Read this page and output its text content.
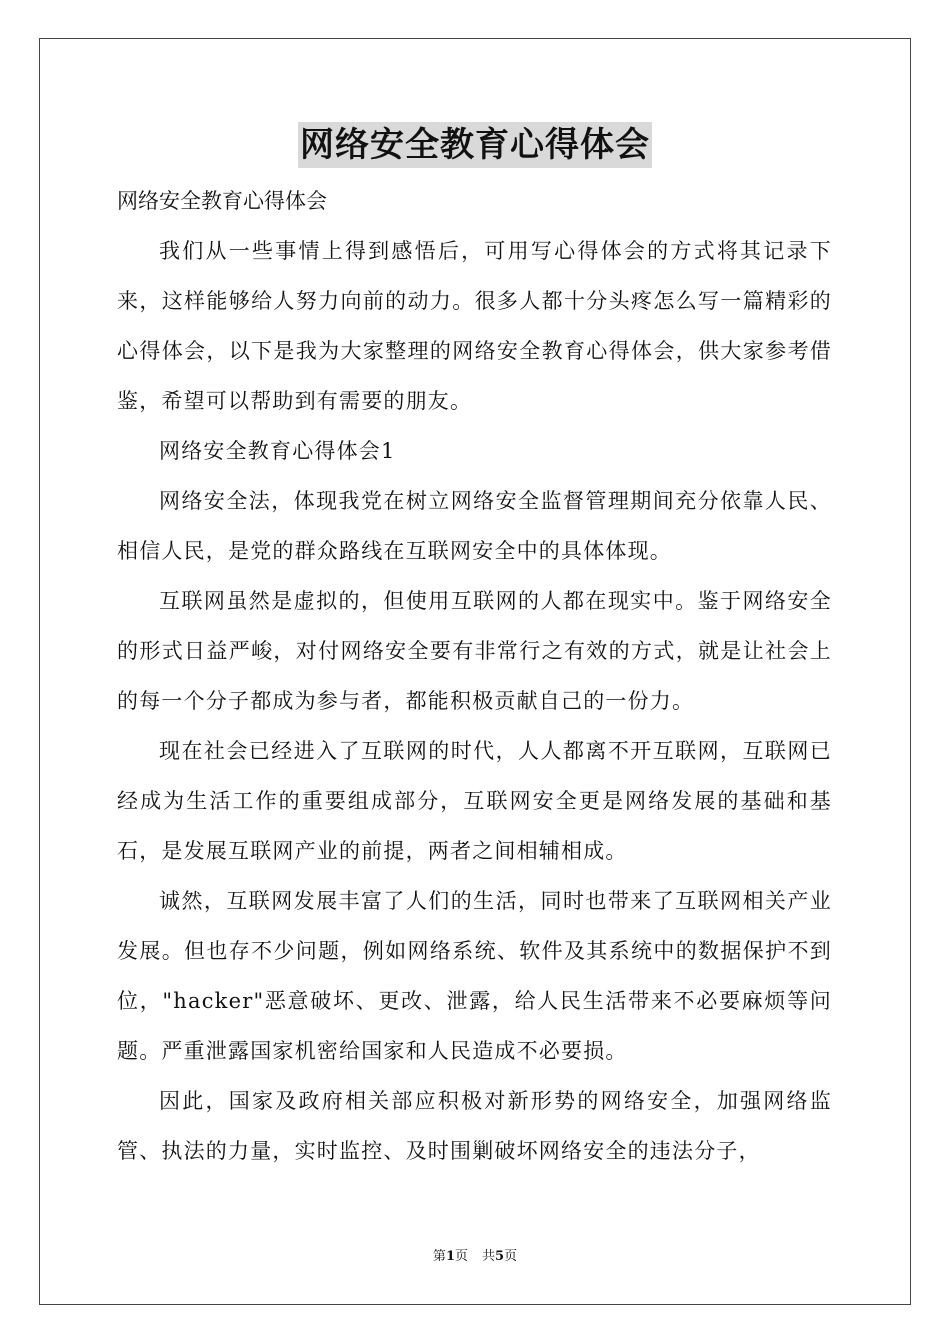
网络安全教育心得体会

网络安全教育心得体会

我们从一些事情上得到感悟后，可用写心得体会的方式将其记录下来，这样能够给人努力向前的动力。很多人都十分头疼怎么写一篇精彩的心得体会，以下是我为大家整理的网络安全教育心得体会，供大家参考借鉴，希望可以帮助到有需要的朋友。

网络安全教育心得体会1

网络安全法，体现我党在树立网络安全监督管理期间充分依靠人民、相信人民，是党的群众路线在互联网安全中的具体体现。

互联网虽然是虚拟的，但使用互联网的人都在现实中。鉴于网络安全的形式日益严峻，对付网络安全要有非常行之有效的方式，就是让社会上的每一个分子都成为参与者，都能积极贡献自己的一份力。

现在社会已经进入了互联网的时代，人人都离不开互联网，互联网已经成为生活工作的重要组成部分，互联网安全更是网络发展的基础和基石，是发展互联网产业的前提，两者之间相辅相成。

诚然，互联网发展丰富了人们的生活，同时也带来了互联网相关产业发展。但也存不少问题，例如网络系统、软件及其系统中的数据保护不到位，"hacker"恶意破坏、更改、泄露，给人民生活带来不必要麻烦等问题。严重泄露国家机密给国家和人民造成不必要损。

因此，国家及政府相关部应积极对新形势的网络安全，加强网络监管、执法的力量，实时监控、及时围剿破坏网络安全的违法分子，

第1页 共5页
